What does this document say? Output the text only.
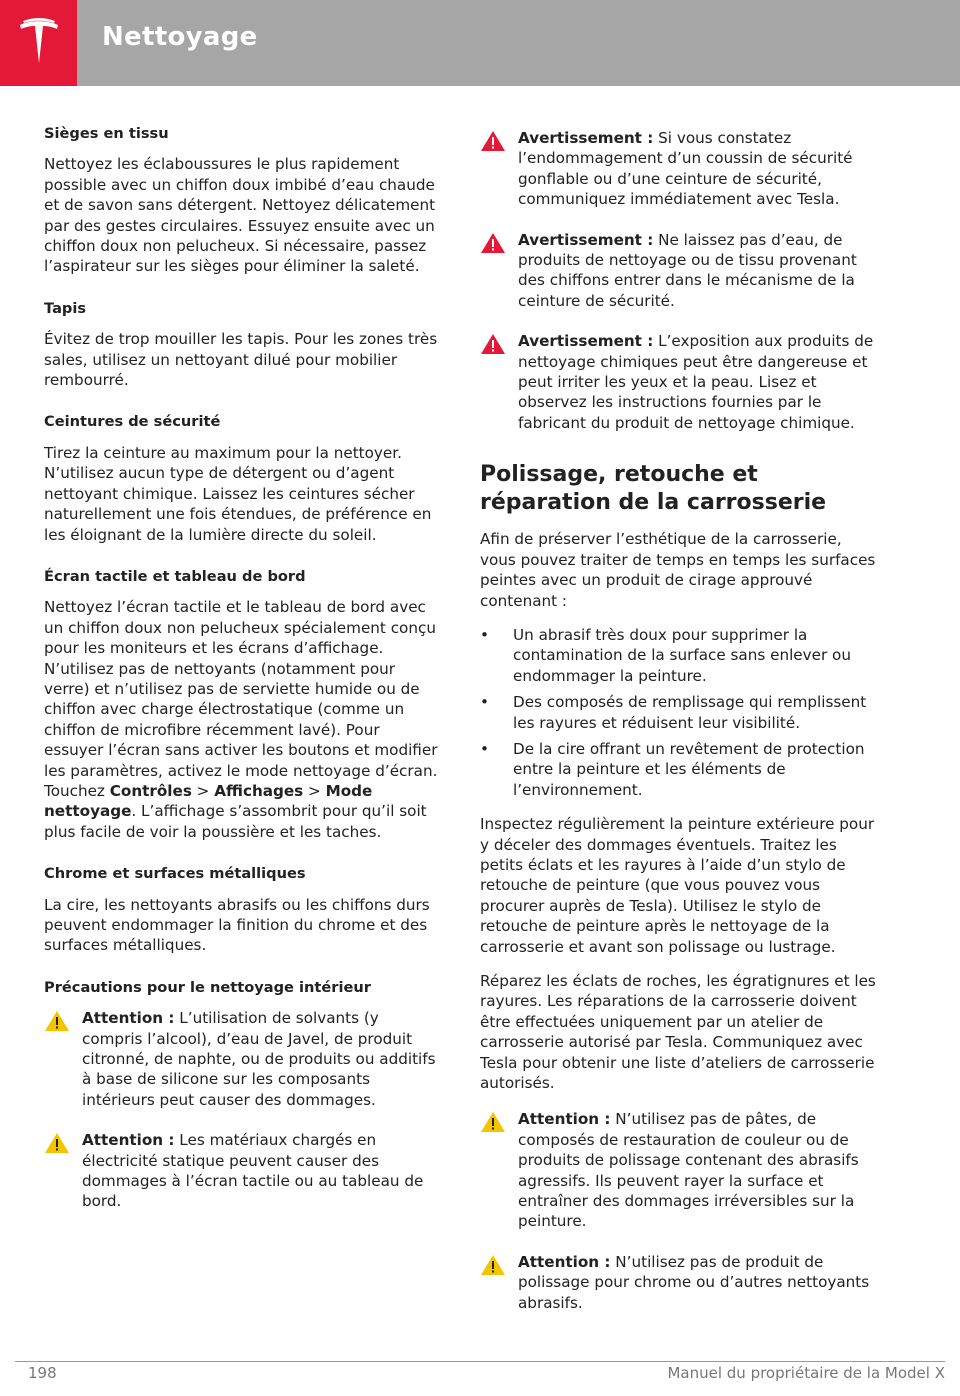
Nettoyage
Sièges en tissu

Nettoyez les éclaboussures le plus rapidement possible avec un chiffon doux imbibé d’eau chaude et de savon sans détergent. Nettoyez délicatement par des gestes circulaires. Essuyez ensuite avec un chiffon doux non pelucheux. Si nécessaire, passez l’aspirateur sur les sièges pour éliminer la saleté.

Tapis

Évitez de trop mouiller les tapis. Pour les zones très sales, utilisez un nettoyant dilué pour mobilier rembourré.

Ceintures de sécurité

Tirez la ceinture au maximum pour la nettoyer. N’utilisez aucun type de détergent ou d’agent nettoyant chimique. Laissez les ceintures sécher naturellement une fois étendues, de préférence en les éloignant de la lumière directe du soleil.

Écran tactile et tableau de bord

Nettoyez l’écran tactile et le tableau de bord avec un chiffon doux non pelucheux spécialement conçu pour les moniteurs et les écrans d’affichage. N’utilisez pas de nettoyants (notamment pour verre) et n’utilisez pas de serviette humide ou de chiffon avec charge électrostatique (comme un chiffon de microfibre récemment lavé). Pour essuyer l’écran sans activer les boutons et modifier les paramètres, activez le mode nettoyage d’écran. Touchez Contrôles > Affichages > Mode nettoyage. L’affichage s’assombrit pour qu’il soit plus facile de voir la poussière et les taches.

Chrome et surfaces métalliques

La cire, les nettoyants abrasifs ou les chiffons durs peuvent endommager la finition du chrome et des surfaces métalliques.

Précautions pour le nettoyage intérieur
Attention : L’utilisation de solvants (y compris l’alcool), d’eau de Javel, de produit citronné, de naphte, ou de produits ou additifs à base de silicone sur les composants intérieurs peut causer des dommages.
Attention : Les matériaux chargés en électricité statique peuvent causer des dommages à l’écran tactile ou au tableau de bord.
Avertissement : Si vous constatez l’endommagement d’un coussin de sécurité gonflable ou d’une ceinture de sécurité, communiquez immédiatement avec Tesla.
Avertissement : Ne laissez pas d’eau, de produits de nettoyage ou de tissu provenant des chiffons entrer dans le mécanisme de la ceinture de sécurité.
Avertissement : L’exposition aux produits de nettoyage chimiques peut être dangereuse et peut irriter les yeux et la peau. Lisez et observez les instructions fournies par le fabricant du produit de nettoyage chimique.
Polissage, retouche et réparation de la carrosserie

Afin de préserver l’esthétique de la carrosserie, vous pouvez traiter de temps en temps les surfaces peintes avec un produit de cirage approuvé contenant :

•	Un abrasif très doux pour supprimer la contamination de la surface sans enlever ou endommager la peinture.
•	Des composés de remplissage qui remplissent les rayures et réduisent leur visibilité.
•	De la cire offrant un revêtement de protection entre la peinture et les éléments de l’environnement.

Inspectez régulièrement la peinture extérieure pour y déceler des dommages éventuels. Traitez les petits éclats et les rayures à l’aide d’un stylo de retouche de peinture (que vous pouvez vous procurer auprès de Tesla). Utilisez le stylo de retouche de peinture après le nettoyage de la carrosserie et avant son polissage ou lustrage.

Réparez les éclats de roches, les égratignures et les rayures. Les réparations de la carrosserie doivent être effectuées uniquement par un atelier de carrosserie autorisé par Tesla. Communiquez avec Tesla pour obtenir une liste d’ateliers de carrosserie autorisés.

Attention : N’utilisez pas de pâtes, de composés de restauration de couleur ou de produits de polissage contenant des abrasifs agressifs. Ils peuvent rayer la surface et entraîner des dommages irréversibles sur la peinture.
Attention : N’utilisez pas de produit de polissage pour chrome ou d’autres nettoyants abrasifs.
198	Manuel du propriétaire de la Model X
